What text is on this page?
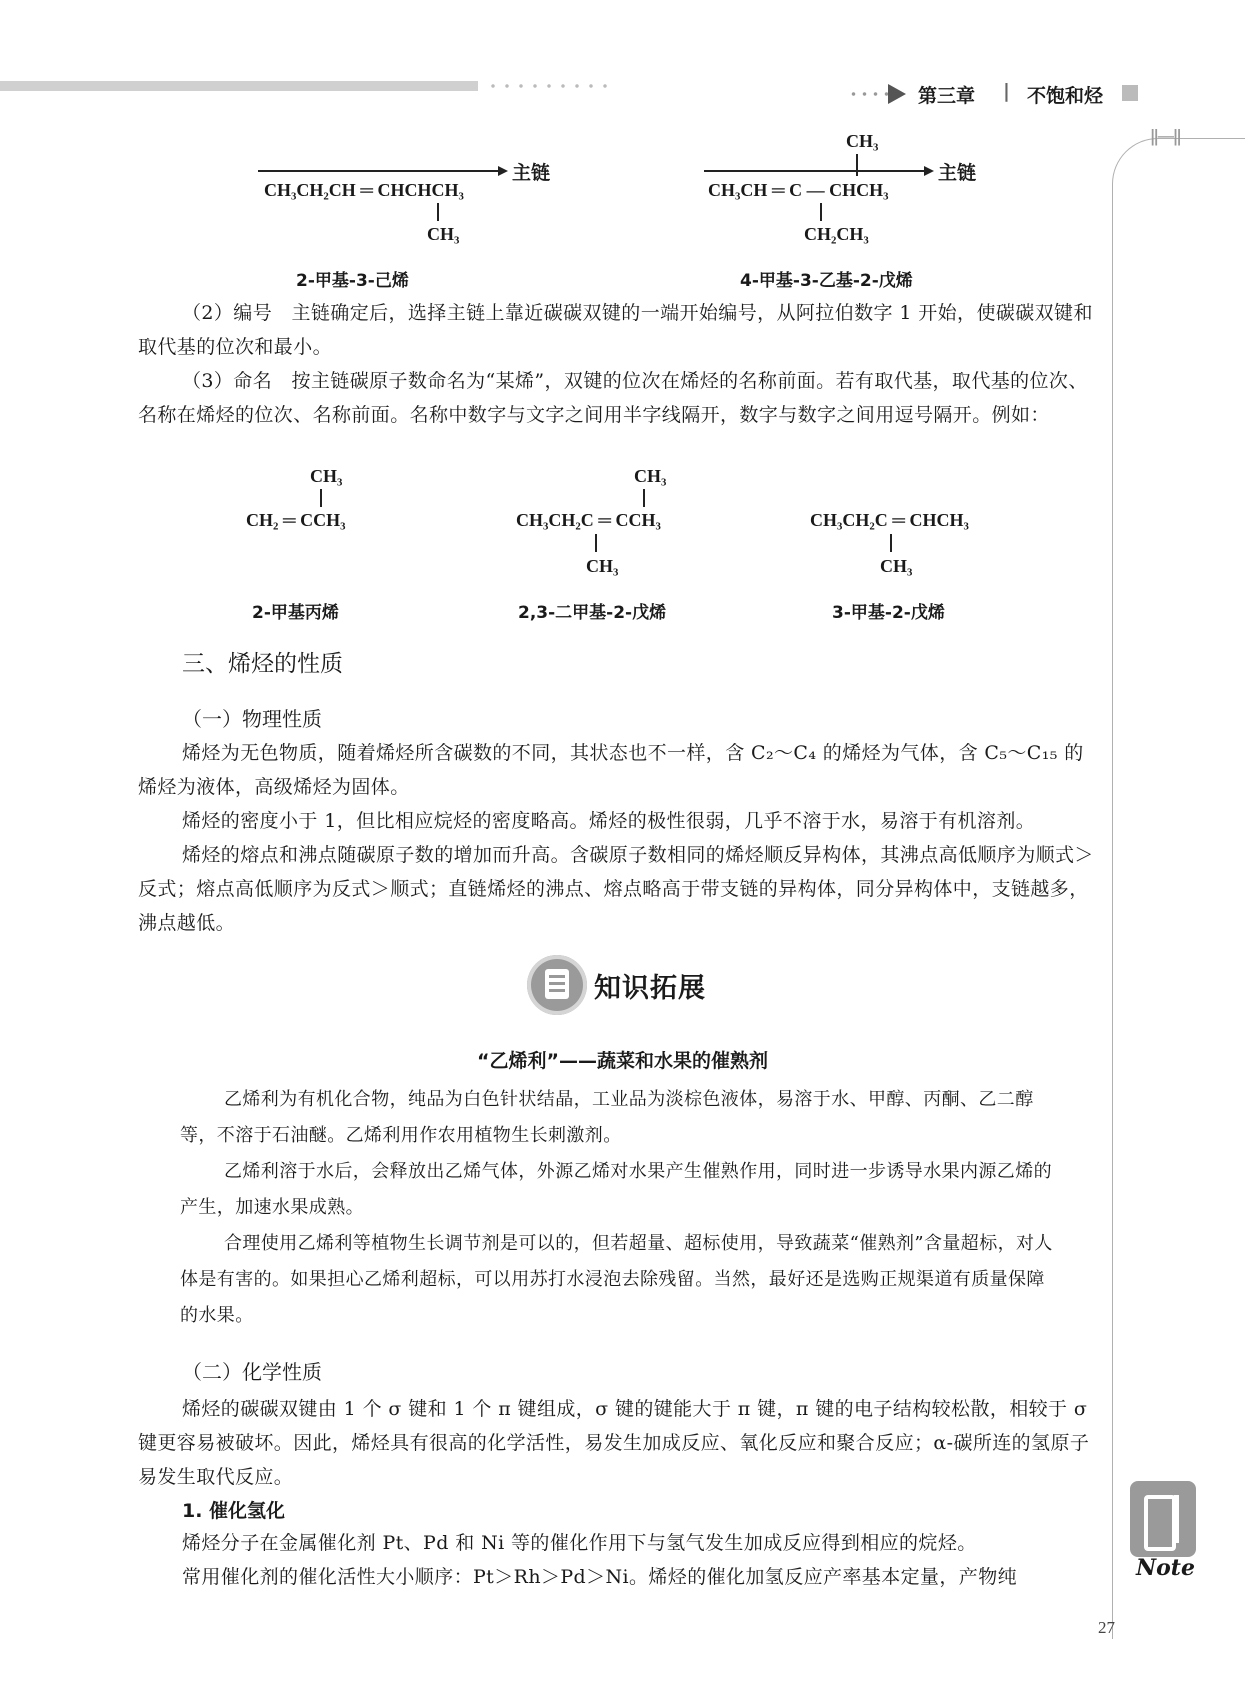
第三章 | 不饱和烃
ǁ—ǁ
主链
CH₃CH₂CH ═ CHCHCH₃
CH₃
2-甲基-3-己烯
CH₃
主链
CH₃CH ═ C — CHCH₃
CH₂CH₃
4-甲基-3-乙基-2-戊烯
（2）编号　主链确定后，选择主链上靠近碳碳双键的一端开始编号，从阿拉伯数字 1 开始，使碳碳双键和取代基的位次和最小。
（3）命名　按主链碳原子数命名为“某烯”，双键的位次在烯烃的名称前面。若有取代基，取代基的位次、名称在烯烃的位次、名称前面。名称中数字与文字之间用半字线隔开，数字与数字之间用逗号隔开。例如：
CH₃
CH₂ ═ CCH₃
2-甲基丙烯
CH₃
CH₃CH₂C ═ CCH₃
CH₃
2,3-二甲基-2-戊烯
CH₃CH₂C ═ CHCH₃
CH₃
3-甲基-2-戊烯
三、烯烃的性质
（一）物理性质
烯烃为无色物质，随着烯烃所含碳数的不同，其状态也不一样，含 C₂～C₄ 的烯烃为气体，含 C₅～C₁₅ 的烯烃为液体，高级烯烃为固体。
烯烃的密度小于 1，但比相应烷烃的密度略高。烯烃的极性很弱，几乎不溶于水，易溶于有机溶剂。
烯烃的熔点和沸点随碳原子数的增加而升高。含碳原子数相同的烯烃顺反异构体，其沸点高低顺序为顺式＞反式；熔点高低顺序为反式＞顺式；直链烯烃的沸点、熔点略高于带支链的异构体，同分异构体中，支链越多，沸点越低。
知识拓展
“乙烯利”——蔬菜和水果的催熟剂
乙烯利为有机化合物，纯品为白色针状结晶，工业品为淡棕色液体，易溶于水、甲醇、丙酮、乙二醇等，不溶于石油醚。乙烯利用作农用植物生长刺激剂。
乙烯利溶于水后，会释放出乙烯气体，外源乙烯对水果产生催熟作用，同时进一步诱导水果内源乙烯的产生，加速水果成熟。
合理使用乙烯利等植物生长调节剂是可以的，但若超量、超标使用，导致蔬菜“催熟剂”含量超标，对人体是有害的。如果担心乙烯利超标，可以用苏打水浸泡去除残留。当然，最好还是选购正规渠道有质量保障的水果。
（二）化学性质
烯烃的碳碳双键由 1 个 σ 键和 1 个 π 键组成，σ 键的键能大于 π 键，π 键的电子结构较松散，相较于 σ 键更容易被破坏。因此，烯烃具有很高的化学活性，易发生加成反应、氧化反应和聚合反应；α-碳所连的氢原子易发生取代反应。
1. 催化氢化
烯烃分子在金属催化剂 Pt、Pd 和 Ni 等的催化作用下与氢气发生加成反应得到相应的烷烃。
常用催化剂的催化活性大小顺序：Pt＞Rh＞Pd＞Ni。烯烃的催化加氢反应产率基本定量，产物纯	Note
27
